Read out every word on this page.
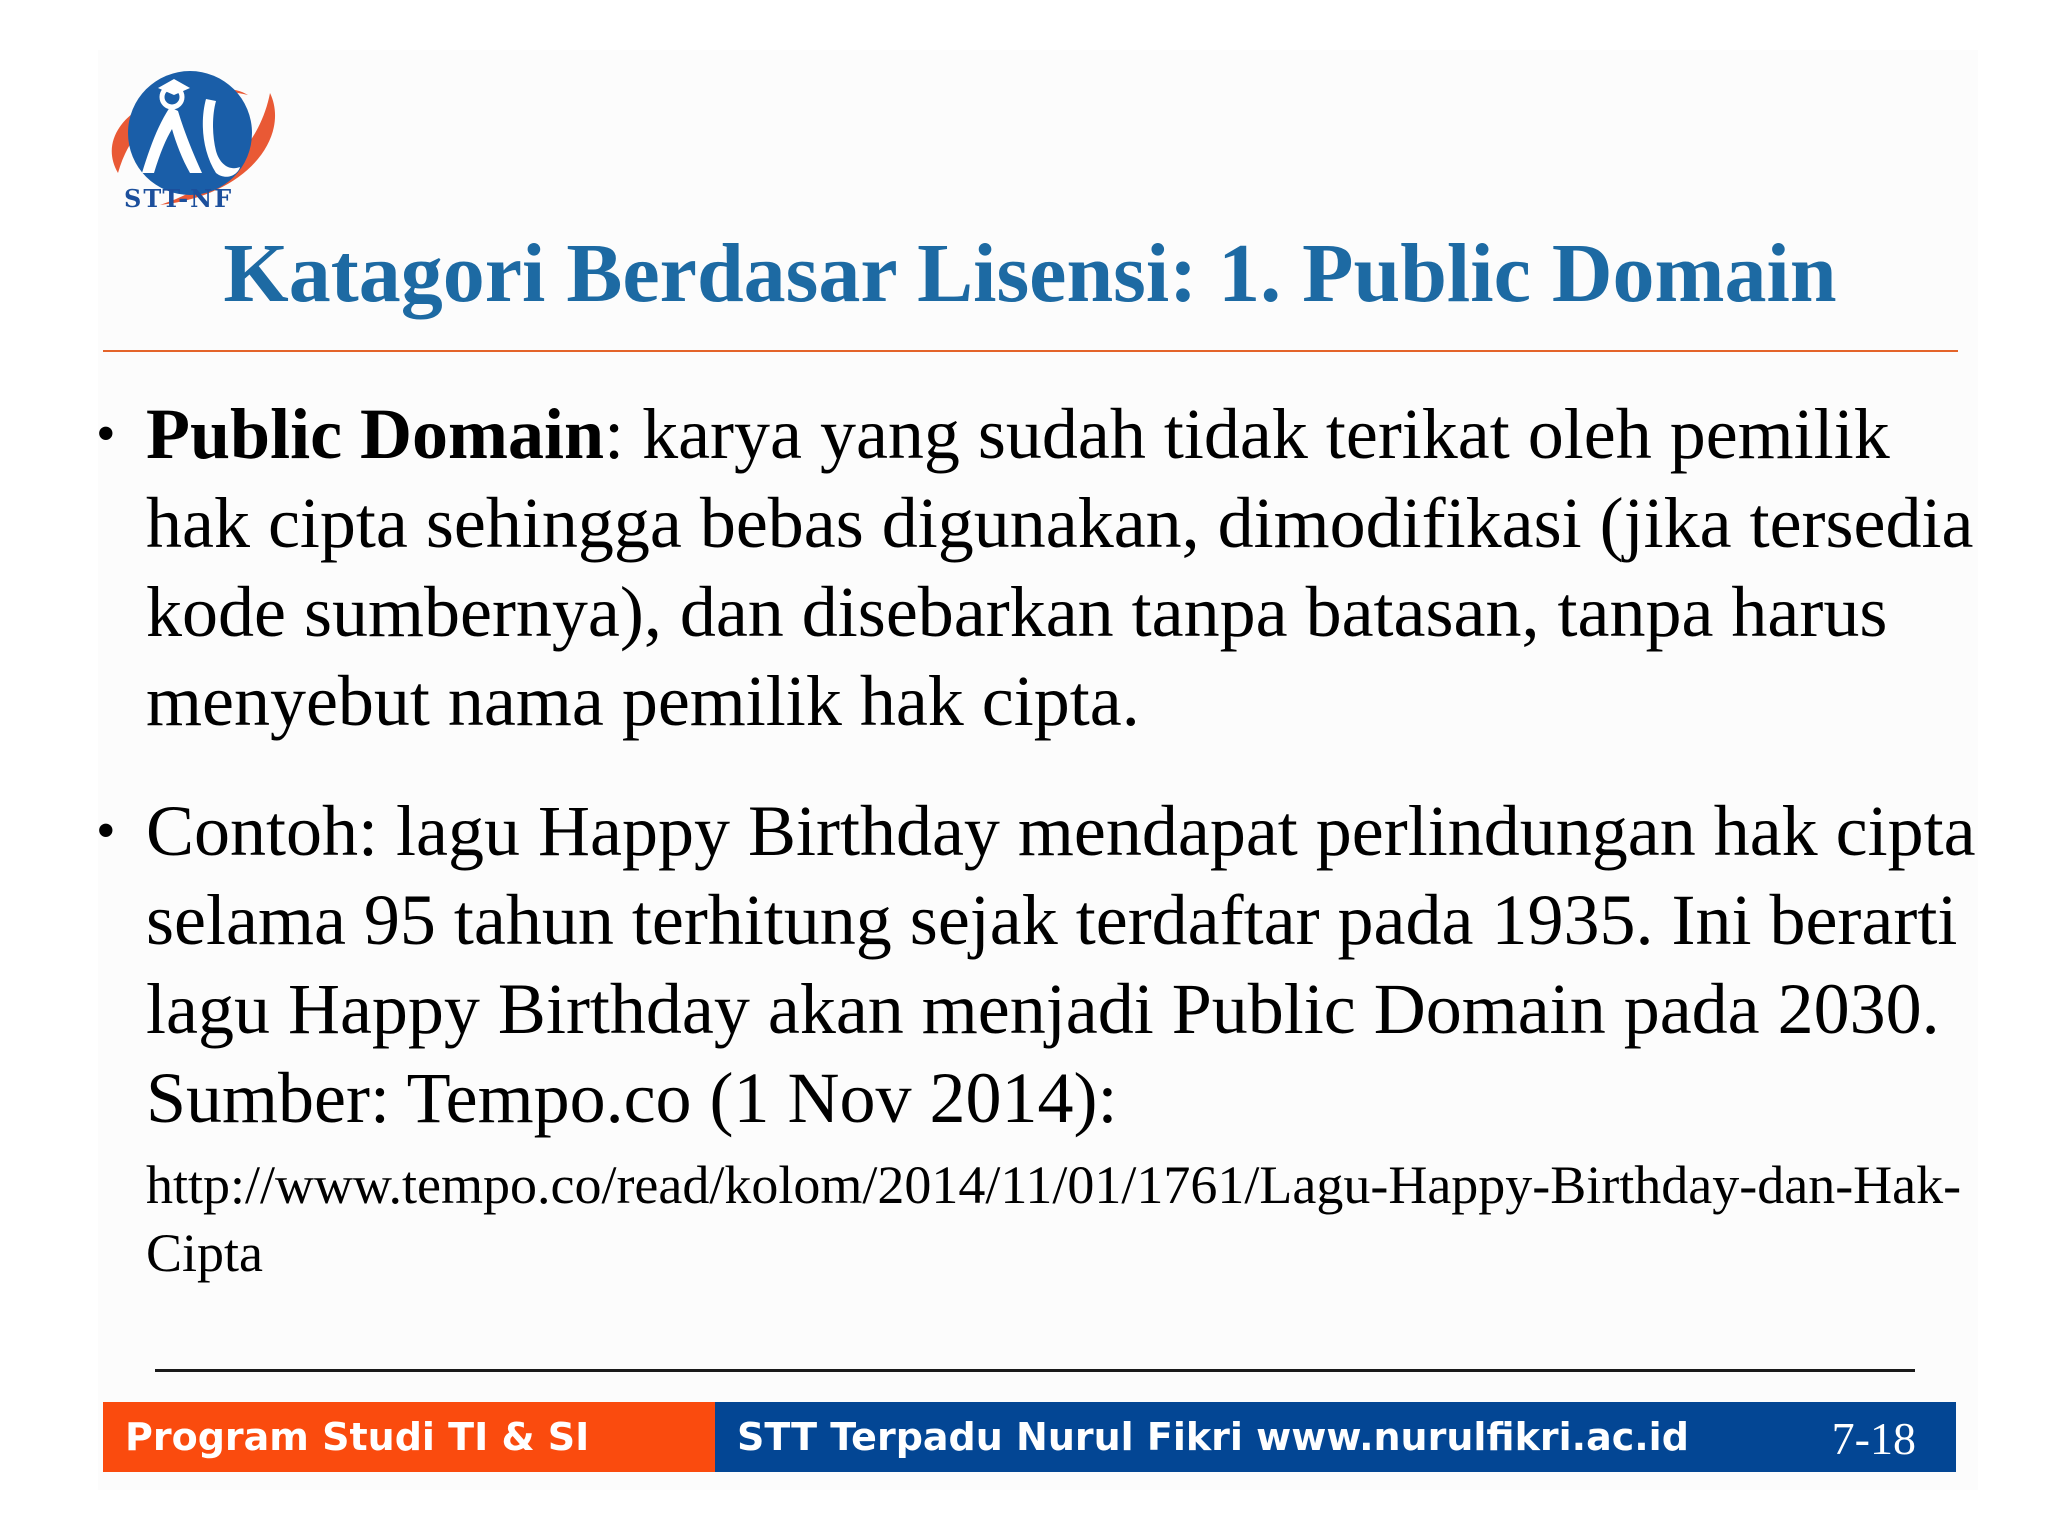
STT-NF
Katagori Berdasar Lisensi: 1. Public Domain
• Public Domain: karya yang sudah tidak terikat oleh pemilik hak cipta sehingga bebas digunakan, dimodifikasi (jika tersedia kode sumbernya), dan disebarkan tanpa batasan, tanpa harus menyebut nama pemilik hak cipta.
• Contoh: lagu Happy Birthday mendapat perlindungan hak cipta selama 95 tahun terhitung sejak terdaftar pada 1935. Ini berarti lagu Happy Birthday akan menjadi Public Domain pada 2030. Sumber: Tempo.co (1 Nov 2014):
http://www.tempo.co/read/kolom/2014/11/01/1761/Lagu-Happy-Birthday-dan-Hak-Cipta
Program Studi TI & SI	STT Terpadu Nurul Fikri www.nurulfikri.ac.id	7-18
